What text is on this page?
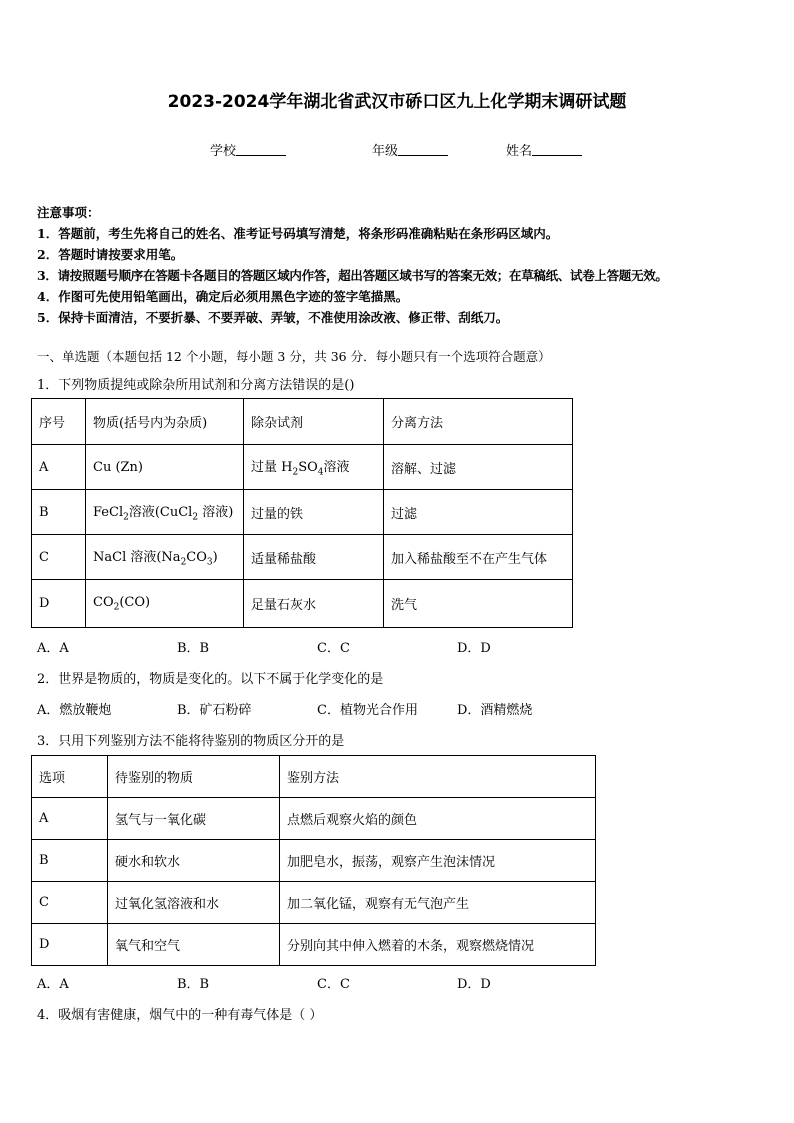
2023-2024学年湖北省武汉市硚口区九上化学期末调研试题
学校	年级	姓名

注意事项：

1．答题前，考生先将自己的姓名、准考证号码填写清楚，将条形码准确粘贴在条形码区域内。

2．答题时请按要求用笔。

3．请按照题号顺序在答题卡各题目的答题区域内作答，超出答题区域书写的答案无效；在草稿纸、试卷上答题无效。

4．作图可先使用铅笔画出，确定后必须用黑色字迹的签字笔描黑。

5．保持卡面清洁，不要折暴、不要弄破、弄皱，不准使用涂改液、修正带、刮纸刀。

一、单选题（本题包括 12 个小题，每小题 3 分，共 36 分．每小题只有一个选项符合题意）
1．下列物质提纯或除杂所用试剂和分离方法错误的是()
序号	物质(括号内为杂质)	除杂试剂	分离方法
A	Cu (Zn)	过量 $H_2SO_4$溶液	溶解、过滤
B	FeCl$_2$溶液(CuCl$_2$ 溶液)	过量的铁	过滤
C	NaCl 溶液$(Na_2CO_3)$	适量稀盐酸	加入稀盐酸至不在产生气体
D	$CO_2(CO)$	足量石灰水	洗气
A．A	B．B	C．C	D．D
2．世界是物质的，物质是变化的。以下不属于化学变化的是
A．燃放鞭炮	B．矿石粉碎	C．植物光合作用	D．酒精燃烧
3．只用下列鉴别方法不能将待鉴别的物质区分开的是
选项	待鉴别的物质	鉴别方法
A	氢气与一氧化碳	点燃后观察火焰的颜色
B	硬水和软水	加肥皂水，振荡，观察产生泡沫情况
C	过氧化氢溶液和水	加二氧化锰，观察有无气泡产生
D	氧气和空气	分别向其中伸入燃着的木条，观察燃烧情况
A．A	B．B	C．C	D．D
4．吸烟有害健康，烟气中的一种有毒气体是（ ）
